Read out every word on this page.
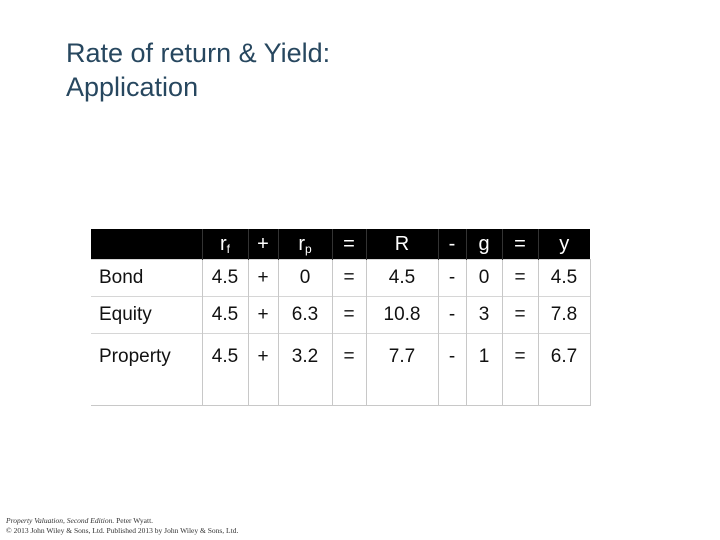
Rate of return & Yield:
Application
	$r_f$	+	$r_p$	=	R	-	g	=	y
Bond	4.5	+	0	=	4.5	-	0	=	4.5
Equity	4.5	+	6.3	=	10.8	-	3	=	7.8

Property	4.5	+	3.2	=	7.7	-	1	=	6.7
Property Valuation, Second Edition. Peter Wyatt.
© 2013 John Wiley & Sons, Ltd. Published 2013 by John Wiley & Sons, Ltd.
